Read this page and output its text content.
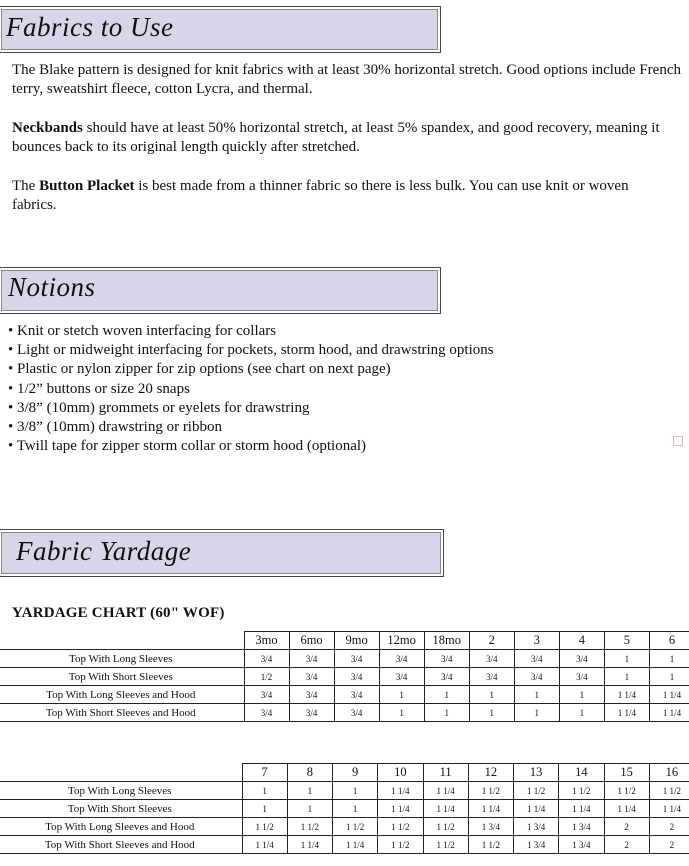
Fabrics to Use
The Blake pattern is designed for knit fabrics with at least 30% horizontal stretch. Good options include French terry, sweatshirt fleece, cotton Lycra, and thermal.
Neckbands should have at least 50% horizontal stretch, at least 5% spandex, and good recovery, meaning it bounces back to its original length quickly after stretched.
The Button Placket is best made from a thinner fabric so there is less bulk. You can use knit or woven fabrics.
Notions
• Knit or stetch woven interfacing for collars
• Light or midweight interfacing for pockets, storm hood, and drawstring options
• Plastic or nylon zipper for zip options (see chart on next page)
• 1/2” buttons or size 20 snaps
• 3/8” (10mm) grommets or eyelets for drawstring
• 3/8” (10mm) drawstring or ribbon
• Twill tape for zipper storm collar or storm hood (optional)
Fabric Yardage
YARDAGE CHART (60" WOF)
	3mo	6mo	9mo	12mo	18mo	2	3	4	5	6
Top With Long Sleeves	3/4	3/4	3/4	3/4	3/4	3/4	3/4	3/4	1	1
Top With Short Sleeves	1/2	3/4	3/4	3/4	3/4	3/4	3/4	3/4	1	1
Top With Long Sleeves and Hood	3/4	3/4	3/4	1	1	1	1	1	1 1/4	1 1/4
Top With Short Sleeves and Hood	3/4	3/4	3/4	1	1	1	1	1	1 1/4	1 1/4
	7	8	9	10	11	12	13	14	15	16
Top With Long Sleeves	1	1	1	1 1/4	1 1/4	1 1/2	1 1/2	1 1/2	1 1/2	1 1/2
Top With Short Sleeves	1	1	1	1 1/4	1 1/4	1 1/4	1 1/4	1 1/4	1 1/4	1 1/4
Top With Long Sleeves and Hood	1 1/2	1 1/2	1 1/2	1 1/2	1 1/2	1 3/4	1 3/4	1 3/4	2	2
Top With Short Sleeves and Hood	1 1/4	1 1/4	1 1/4	1 1/2	1 1/2	1 1/2	1 3/4	1 3/4	2	2
